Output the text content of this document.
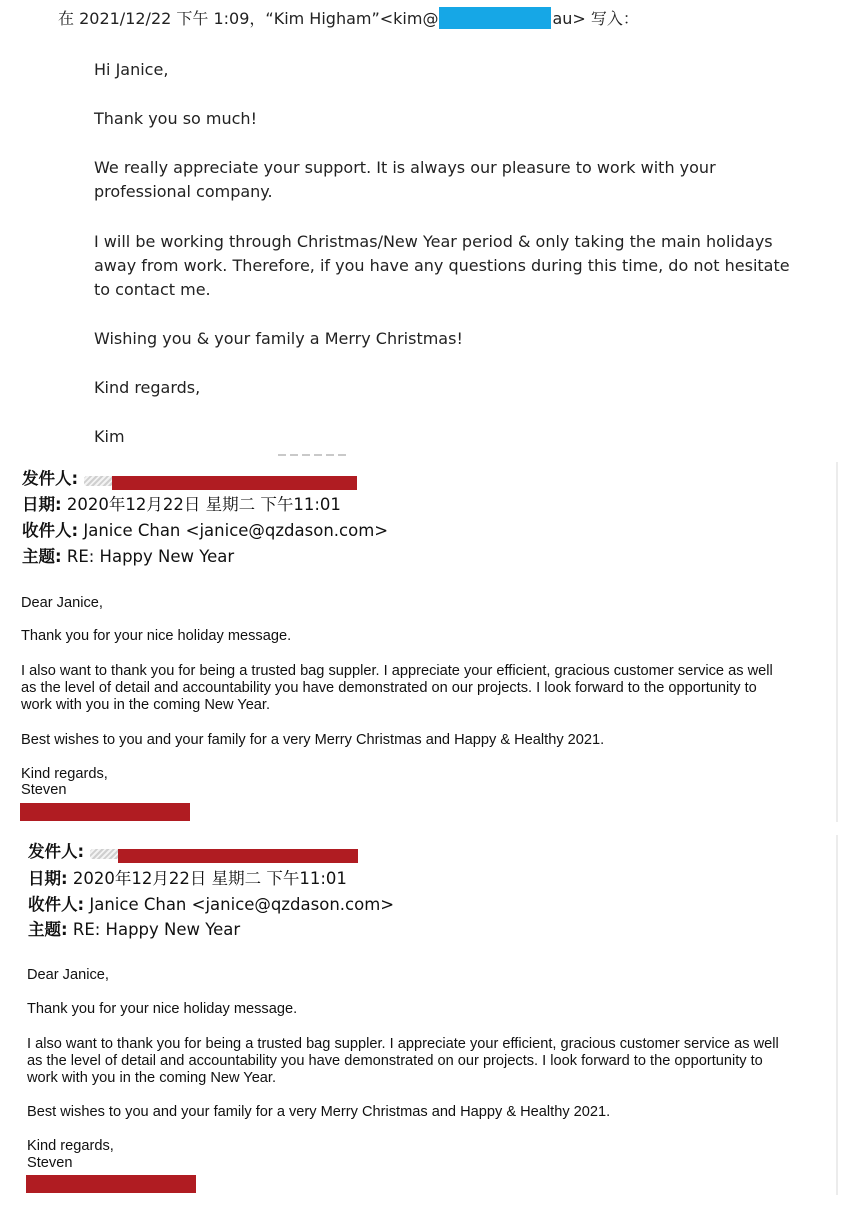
在 2021/12/22 下午 1:09，“Kim Higham”<kim@	au> 写入：
Hi Janice,
Thank you so much!
We really appreciate your support. It is always our pleasure to work with your
professional company.
I will be working through Christmas/New Year period & only taking the main holidays
away from work. Therefore, if you have any questions during this time, do not hesitate
to contact me.
Wishing you & your family a Merry Christmas!
Kind regards,
Kim
发件人:
日期: 2020年12月22日 星期二 下午11:01
收件人: Janice Chan <janice@qzdason.com>
主题: RE: Happy New Year
Dear Janice,
Thank you for your nice holiday message.
I also want to thank you for being a trusted bag suppler. I appreciate your efficient, gracious customer service as well
as the level of detail and accountability you have demonstrated on our projects. I look forward to the opportunity to
work with you in the coming New Year.
Best wishes to you and your family for a very Merry Christmas and Happy & Healthy 2021.
Kind regards,
Steven
发件人:
日期: 2020年12月22日 星期二 下午11:01
收件人: Janice Chan <janice@qzdason.com>
主题: RE: Happy New Year
Dear Janice,
Thank you for your nice holiday message.
I also want to thank you for being a trusted bag suppler. I appreciate your efficient, gracious customer service as well
as the level of detail and accountability you have demonstrated on our projects. I look forward to the opportunity to
work with you in the coming New Year.
Best wishes to you and your family for a very Merry Christmas and Happy & Healthy 2021.
Kind regards,
Steven
